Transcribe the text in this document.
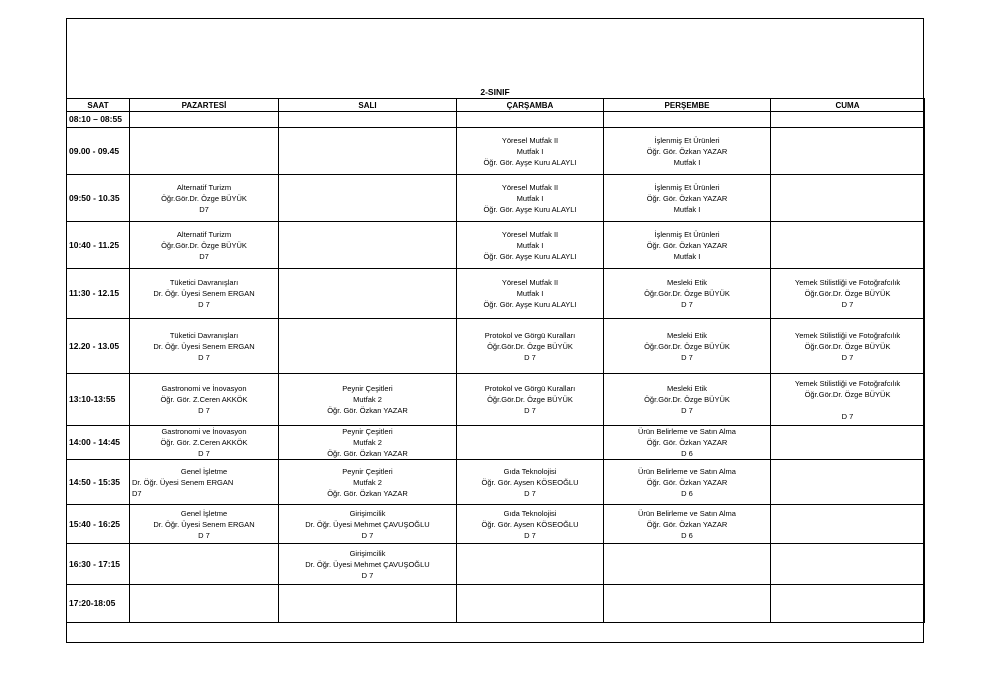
2-SINIF
SAAT	PAZARTESİ	SALI	ÇARŞAMBA	PERŞEMBE	CUMA
08:10 – 08:55					
09.00 - 09.45			Yöresel Mutfak II
Mutfak I
Öğr. Gör. Ayşe Kuru ALAYLI	İşlenmiş Et Ürünleri
Öğr. Gör. Özkan YAZAR
Mutfak I	

09:50 - 10.35	Alternatif Turizm
Öğr.Gör.Dr. Özge BÜYÜK
D7		Yöresel Mutfak II
Mutfak I
Öğr. Gör. Ayşe Kuru ALAYLI	İşlenmiş Et Ürünleri
Öğr. Gör. Özkan YAZAR
Mutfak I	

10:40 - 11.25	Alternatif Turizm
Öğr.Gör.Dr. Özge BÜYÜK
D7		Yöresel Mutfak II
Mutfak I
Öğr. Gör. Ayşe Kuru ALAYLI	İşlenmiş Et Ürünleri
Öğr. Gör. Özkan YAZAR
Mutfak I	

11:30 - 12.15	Tüketici Davranışları
Dr. Öğr. Üyesi Senem ERGAN
D 7		Yöresel Mutfak II
Mutfak I
Öğr. Gör. Ayşe Kuru ALAYLI	Mesleki Etik
Öğr.Gör.Dr. Özge BÜYÜK
D 7	Yemek Stilistliği ve Fotoğrafcılık
Öğr.Gör.Dr. Özge BÜYÜK
D 7

12.20 - 13.05	Tüketici Davranışları
Dr. Öğr. Üyesi Senem ERGAN
D 7		Protokol ve Görgü Kuralları
Öğr.Gör.Dr. Özge BÜYÜK
D 7	Mesleki Etik
Öğr.Gör.Dr. Özge BÜYÜK
D 7	Yemek Stilistliği ve Fotoğrafcılık
Öğr.Gör.Dr. Özge BÜYÜK
D 7

13:10-13:55	Gastronomi ve İnovasyon
Öğr. Gör. Z.Ceren AKKÖK
D 7	Peynir Çeşitleri
Mutfak 2
Öğr. Gör. Özkan YAZAR	Protokol ve Görgü Kuralları
Öğr.Gör.Dr. Özge BÜYÜK
D 7	Mesleki Etik
Öğr.Gör.Dr. Özge BÜYÜK
D 7	Yemek Stilistliği ve Fotoğrafcılık
Öğr.Gör.Dr. Özge BÜYÜK

D 7

14:00 - 14:45	Gastronomi ve İnovasyon
Öğr. Gör. Z.Ceren AKKÖK
D 7	Peynir Çeşitleri
Mutfak 2
Öğr. Gör. Özkan YAZAR		Ürün Belirleme ve Satın Alma
Öğr. Gör. Özkan YAZAR
D 6	

14:50 - 15:35	Genel İşletme
Dr. Öğr. Üyesi Senem ERGAN
D7	Peynir Çeşitleri
Mutfak 2
Öğr. Gör. Özkan YAZAR	Gıda Teknolojisi
Öğr. Gör. Aysen KÖSEOĞLU
D 7	Ürün Belirleme ve Satın Alma
Öğr. Gör. Özkan YAZAR
D 6	

15:40 - 16:25	Genel İşletme
Dr. Öğr. Üyesi Senem ERGAN
D 7	Girişimcilik
Dr. Öğr. Üyesi Mehmet ÇAVUŞOĞLU
D 7	Gıda Teknolojisi
Öğr. Gör. Aysen KÖSEOĞLU
D 7	Ürün Belirleme ve Satın Alma
Öğr. Gör. Özkan YAZAR
D 6	

16:30 - 17:15		Girişimcilik
Dr. Öğr. Üyesi Mehmet ÇAVUŞOĞLU
D 7			

17:20-18:05					
